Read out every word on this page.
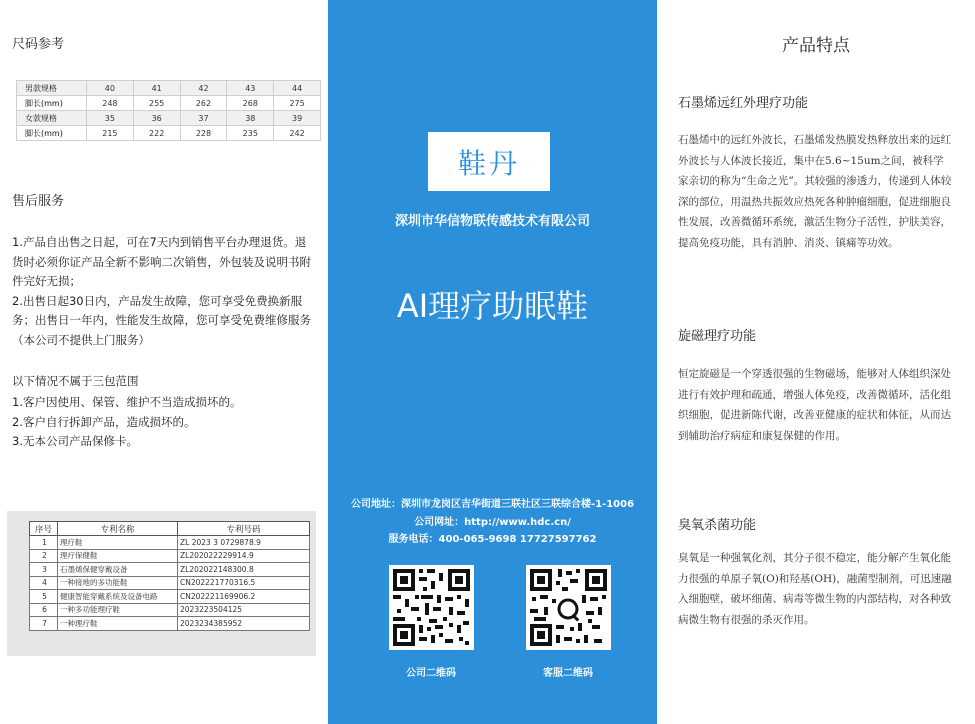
尺码参考
男款规格	40	41	42	43	44
脚长(mm)	248	255	262	268	275
女款规格	35	36	37	38	39
脚长(mm)	215	222	228	235	242
售后服务

1.产品自出售之日起，可在7天内到销售平台办理退货。退货时必须你证产品全新不影响二次销售，外包装及说明书附件完好无损；

2.出售日起30日内，产品发生故障，您可享受免费换新服务；出售日一年内，性能发生故障，您可享受免费维修服务（本公司不提供上门服务）

以下情况不属于三包范围
1.客户因使用、保管、维护不当造成损坏的。
2.客户自行拆卸产品，造成损坏的。
3.无本公司产品保修卡。
序号	专利名称	专利号码
1	理疗鞋	ZL 2023 3 0729878.9
2	理疗保健鞋	ZL202022229914.9
3	石墨烯保健穿戴设备	ZL202022148300.8
4	一种接地的多功能鞋	CN202221770316.5
5	健康智能穿戴系统及设备电路	CN202221169906.2
6	一种多功能理疗鞋	2023223504125
7	一种理疗鞋	2023234385952
鞋丹
深圳市华信物联传感技术有限公司
AI理疗助眠鞋
公司地址：深圳市龙岗区吉华街道三联社区三联综合楼-1-1006
公司网址：http://www.hdc.cn/
服务电话：400-065-9698 17727597762
公司二维码	客服二维码
产品特点
石墨烯远红外理疗功能
石墨烯中的远红外波长，石墨烯发热膜发热释放出来的远红外波长与人体波长接近，集中在5.6~15um之间，被科学家亲切的称为“生命之光”。其较强的渗透力，传递到人体较深的部位，用温热共振效应热死各种肿瘤细胞，促进细胞良性发展，改善微循环系统，激活生物分子活性，护肤美容，提高免疫功能，具有消肿、消炎、镇痛等功效。
旋磁理疗功能
恒定旋磁是一个穿透很强的生物磁场，能够对人体组织深处进行有效护理和疏通，增强人体免疫，改善微循环，活化组织细胞，促进新陈代谢，改善亚健康的症状和体征，从而达到辅助治疗病症和康复保健的作用。
臭氧杀菌功能
臭氧是一种强氧化剂，其分子很不稳定，能分解产生氧化能力很强的单原子氧(O)和羟基(OH)，融菌型制剂，可迅速融入细胞壁，破坏细菌、病毒等微生物的内部结构，对各种致病微生物有很强的杀灭作用。
